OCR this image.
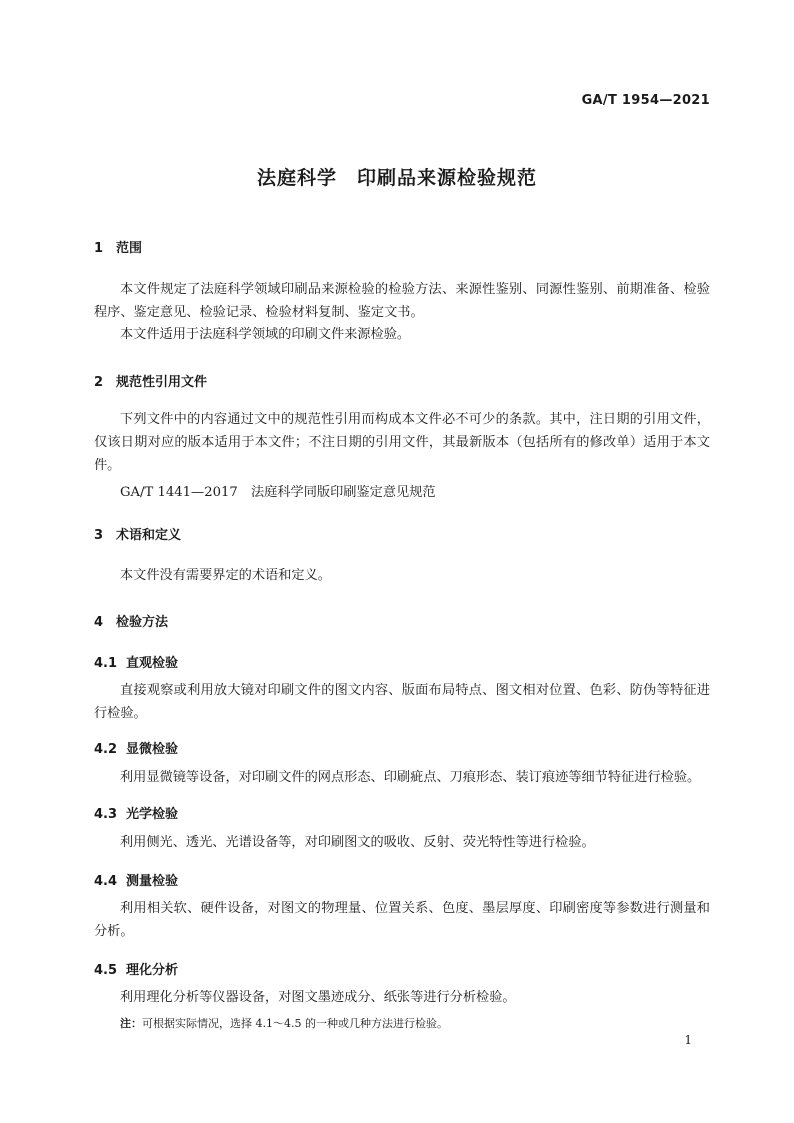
GA/T 1954—2021
法庭科学　印刷品来源检验规范
1 范围
本文件规定了法庭科学领域印刷品来源检验的检验方法、来源性鉴别、同源性鉴别、前期准备、检验程序、鉴定意见、检验记录、检验材料复制、鉴定文书。
本文件适用于法庭科学领域的印刷文件来源检验。
2 规范性引用文件
下列文件中的内容通过文中的规范性引用而构成本文件必不可少的条款。其中，注日期的引用文件，仅该日期对应的版本适用于本文件；不注日期的引用文件，其最新版本（包括所有的修改单）适用于本文件。
GA/T 1441—2017　法庭科学同版印刷鉴定意见规范
3 术语和定义
本文件没有需要界定的术语和定义。
4 检验方法
4.1 直观检验
直接观察或利用放大镜对印刷文件的图文内容、版面布局特点、图文相对位置、色彩、防伪等特征进行检验。
4.2 显微检验
利用显微镜等设备，对印刷文件的网点形态、印刷疵点、刀痕形态、装订痕迹等细节特征进行检验。
4.3 光学检验
利用侧光、透光、光谱设备等，对印刷图文的吸收、反射、荧光特性等进行检验。
4.4 测量检验
利用相关软、硬件设备，对图文的物理量、位置关系、色度、墨层厚度、印刷密度等参数进行测量和分析。
4.5 理化分析
利用理化分析等仪器设备，对图文墨迹成分、纸张等进行分析检验。
注：可根据实际情况，选择 4.1～4.5 的一种或几种方法进行检验。
1
